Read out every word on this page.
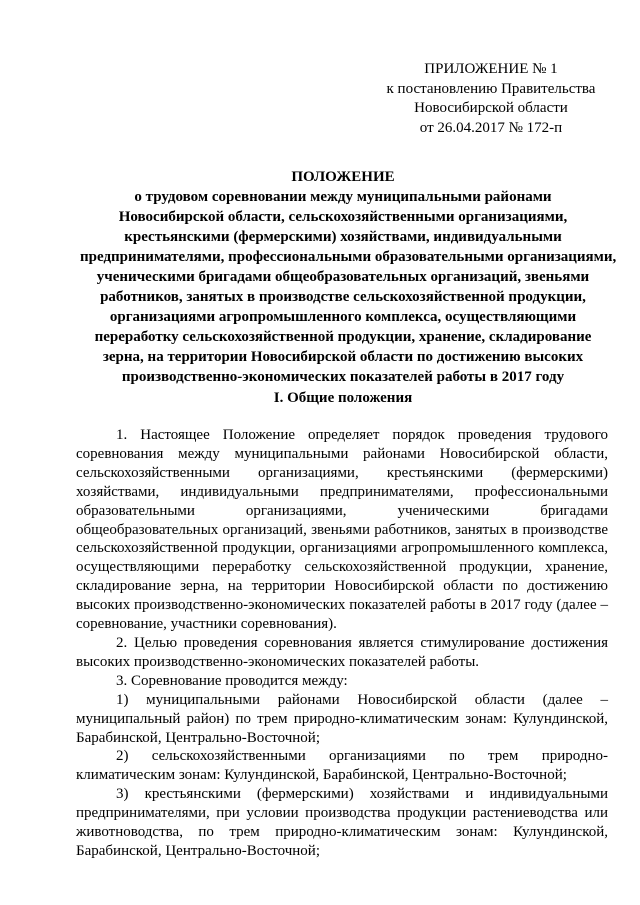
ПРИЛОЖЕНИЕ № 1
к постановлению Правительства
Новосибирской области
от 26.04.2017 № 172-п
ПОЛОЖЕНИЕ
о трудовом соревновании между муниципальными районами
Новосибирской области, сельскохозяйственными организациями,
крестьянскими (фермерскими) хозяйствами, индивидуальными
предпринимателями, профессиональными образовательными организациями,
ученическими бригадами общеобразовательных организаций, звеньями
работников, занятых в производстве сельскохозяйственной продукции,
организациями агропромышленного комплекса, осуществляющими
переработку сельскохозяйственной продукции, хранение, складирование
зерна, на территории Новосибирской области по достижению высоких
производственно-экономических показателей работы в 2017 году
I. Общие положения

1. Настоящее Положение определяет порядок проведения трудового соревнования между муниципальными районами Новосибирской области, сельскохозяйственными организациями, крестьянскими (фермерскими) хозяйствами, индивидуальными предпринимателями, профессиональными образовательными организациями, ученическими бригадами общеобразовательных организаций, звеньями работников, занятых в производстве сельскохозяйственной продукции, организациями агропромышленного комплекса, осуществляющими переработку сельскохозяйственной продукции, хранение, складирование зерна, на территории Новосибирской области по достижению высоких производственно-экономических показателей работы в 2017 году (далее – соревнование, участники соревнования).

2. Целью проведения соревнования является стимулирование достижения высоких производственно-экономических показателей работы.

3. Соревнование проводится между:

1) муниципальными районами Новосибирской области (далее – муниципальный район) по трем природно-климатическим зонам: Кулундинской, Барабинской, Центрально-Восточной;

2) сельскохозяйственными организациями по трем природно-климатическим зонам: Кулундинской, Барабинской, Центрально-Восточной;

3) крестьянскими (фермерскими) хозяйствами и индивидуальными предпринимателями, при условии производства продукции растениеводства или животноводства, по трем природно-климатическим зонам: Кулундинской, Барабинской, Центрально-Восточной;
